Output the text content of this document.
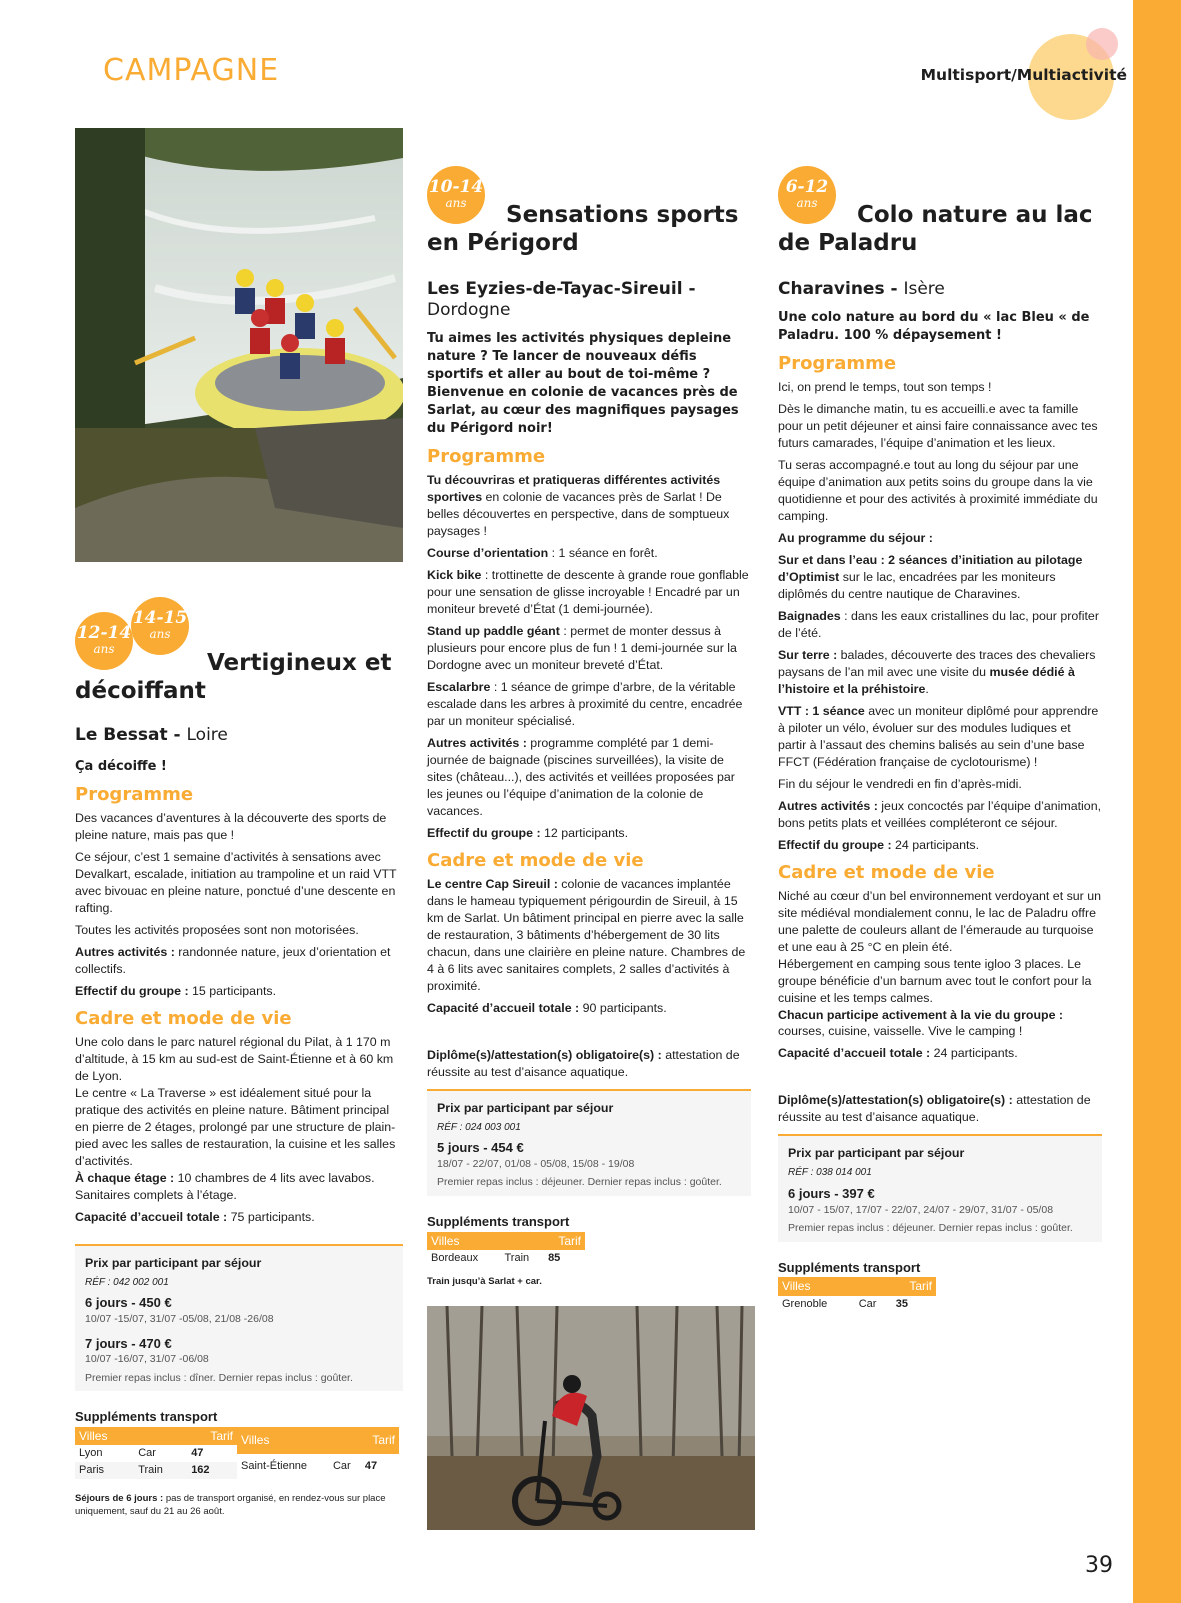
CAMPAGNE	Multisport/Multiactivité
12-14
ans
14-15
ans
Vertigineux et
décoiffant
Le Bessat - Loire
Ça décoiffe !
Programme

Des vacances d’aventures à la découverte des sports de pleine nature, mais pas que !

Ce séjour, c’est 1 semaine d’activités à sensations avec Devalkart, escalade, initiation au trampoline et un raid VTT avec bivouac en pleine nature, ponctué d’une descente en rafting.

Toutes les activités proposées sont non motorisées.

Autres activités : randonnée nature, jeux d’orientation et collectifs.

Effectif du groupe : 15 participants.

Cadre et mode de vie

Une colo dans le parc naturel régional du Pilat, à 1 170 m d’altitude, à 15 km au sud-est de Saint-Étienne et à 60 km de Lyon.

Le centre « La Traverse » est idéalement situé pour la pratique des activités en pleine nature. Bâtiment principal en pierre de 2 étages, prolongé par une structure de plain-pied avec les salles de restauration, la cuisine et les salles d’activités.

À chaque étage : 10 chambres de 4 lits avec lavabos. Sanitaires complets à l’étage.

Capacité d’accueil totale : 75 participants.

Prix par participant par séjour
RÉF : 042 002 001
6 jours - 450 €
10/07 -15/07, 31/07 -05/08, 21/08 -26/08
7 jours - 470 €
10/07 -16/07, 31/07 -06/08
Premier repas inclus : dîner. Dernier repas inclus : goûter.
Suppléments transport
Villes		Tarif
Lyon	Car	47
Paris	Train	162
Villes		Tarif
Saint-Étienne	Car	47
Séjours de 6 jours : pas de transport organisé, en rendez-vous sur place uniquement, sauf du 21 au 26 août.
10-14
ans	Sensations sports
en Périgord
Les Eyzies-de-Tayac-Sireuil - Dordogne
Tu aimes les activités physiques depleine nature ? Te lancer de nouveaux défis sportifs et aller au bout de toi-même ? Bienvenue en colonie de vacances près de Sarlat, au cœur des magnifiques paysages du Périgord noir!
Programme

Tu découvriras et pratiqueras différentes activités sportives en colonie de vacances près de Sarlat ! De belles découvertes en perspective, dans de somptueux paysages !

Course d’orientation : 1 séance en forêt.

Kick bike : trottinette de descente à grande roue gonflable pour une sensation de glisse incroyable ! Encadré par un moniteur breveté d’État (1 demi-journée).

Stand up paddle géant : permet de monter dessus à plusieurs pour encore plus de fun ! 1 demi-journée sur la Dordogne avec un moniteur breveté d’État.

Escalarbre : 1 séance de grimpe d’arbre, de la véritable escalade dans les arbres à proximité du centre, encadrée par un moniteur spécialisé.

Autres activités : programme complété par 1 demi-journée de baignade (piscines surveillées), la visite de sites (château...), des activités et veillées proposées par les jeunes ou l’équipe d’animation de la colonie de vacances.

Effectif du groupe : 12 participants.

Cadre et mode de vie

Le centre Cap Sireuil : colonie de vacances implantée dans le hameau typiquement périgourdin de Sireuil, à 15 km de Sarlat. Un bâtiment principal en pierre avec la salle de restauration, 3 bâtiments d’hébergement de 30 lits chacun, dans une clairière en pleine nature. Chambres de 4 à 6 lits avec sanitaires complets, 2 salles d’activités à proximité.

Capacité d’accueil totale : 90 participants.

Diplôme(s)/attestation(s) obligatoire(s) : attestation de réussite au test d’aisance aquatique.

Prix par participant par séjour
RÉF : 024 003 001
5 jours - 454 €
18/07 - 22/07, 01/08 - 05/08, 15/08 - 19/08
Premier repas inclus : déjeuner. Dernier repas inclus : goûter.
Suppléments transport
Villes		Tarif
Bordeaux	Train	85
Train jusqu’à Sarlat + car.
6-12
ans	Colo nature au lac
de Paladru
Charavines - Isère
Une colo nature au bord du « lac Bleu « de Paladru. 100 % dépaysement !
Programme

Ici, on prend le temps, tout son temps !

Dès le dimanche matin, tu es accueilli.e avec ta famille pour un petit déjeuner et ainsi faire connaissance avec tes futurs camarades, l’équipe d’animation et les lieux.

Tu seras accompagné.e tout au long du séjour par une équipe d’animation aux petits soins du groupe dans la vie quotidienne et pour des activités à proximité immédiate du camping.

Au programme du séjour :

Sur et dans l’eau : 2 séances d’initiation au pilotage d’Optimist sur le lac, encadrées par les moniteurs diplômés du centre nautique de Charavines.

Baignades : dans les eaux cristallines du lac, pour profiter de l’été.

Sur terre : balades, découverte des traces des chevaliers paysans de l’an mil avec une visite du musée dédié à l’histoire et la préhistoire.

VTT : 1 séance avec un moniteur diplômé pour apprendre à piloter un vélo, évoluer sur des modules ludiques et partir à l’assaut des chemins balisés au sein d’une base FFCT (Fédération française de cyclotourisme) !

Fin du séjour le vendredi en fin d’après-midi.

Autres activités : jeux concoctés par l’équipe d’animation, bons petits plats et veillées compléteront ce séjour.

Effectif du groupe : 24 participants.

Cadre et mode de vie

Niché au cœur d’un bel environnement verdoyant et sur un site médiéval mondialement connu, le lac de Paladru offre une palette de couleurs allant de l’émeraude au turquoise et une eau à 25 °C en plein été.

Hébergement en camping sous tente igloo 3 places. Le groupe bénéficie d’un barnum avec tout le confort pour la cuisine et les temps calmes.

Chacun participe activement à la vie du groupe : courses, cuisine, vaisselle. Vive le camping !

Capacité d’accueil totale : 24 participants.

Diplôme(s)/attestation(s) obligatoire(s) : attestation de réussite au test d’aisance aquatique.

Prix par participant par séjour
RÉF : 038 014 001
6 jours - 397 €
10/07 - 15/07, 17/07 - 22/07, 24/07 - 29/07, 31/07 - 05/08
Premier repas inclus : déjeuner. Dernier repas inclus : goûter.
Suppléments transport
Villes		Tarif
Grenoble	Car	35
39
